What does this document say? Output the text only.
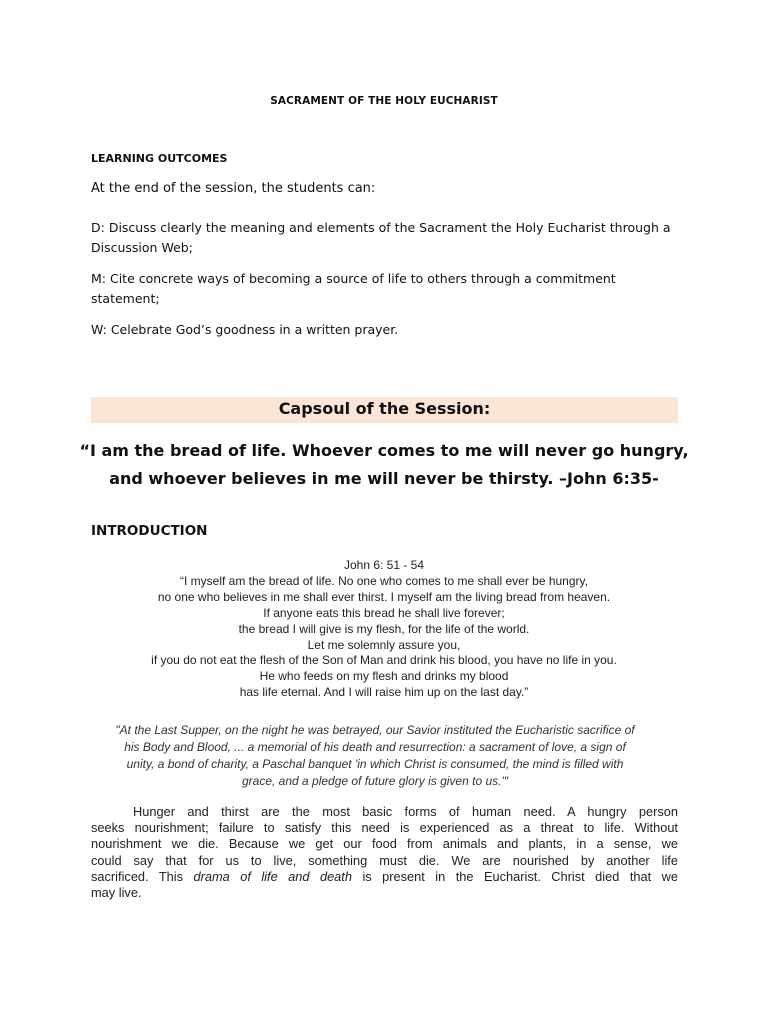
SACRAMENT OF THE HOLY EUCHARIST
LEARNING OUTCOMES
At the end of the session, the students can:
D: Discuss clearly the meaning and elements of the Sacrament the Holy Eucharist through a
Discussion Web;
M: Cite concrete ways of becoming a source of life to others through a commitment
statement;
W: Celebrate God’s goodness in a written prayer.
Capsoul of the Session:
“I am the bread of life. Whoever comes to me will never go hungry,
and whoever believes in me will never be thirsty. –John 6:35-
INTRODUCTION
John 6: 51 - 54
“I myself am the bread of life. No one who comes to me shall ever be hungry,
no one who believes in me shall ever thirst. I myself am the living bread from heaven.
If anyone eats this bread he shall live forever;
the bread I will give is my flesh, for the life of the world.
Let me solemnly assure you,
if you do not eat the flesh of the Son of Man and drink his blood, you have no life in you.
He who feeds on my flesh and drinks my blood
has life eternal. And I will raise him up on the last day.”
"At the Last Supper, on the night he was betrayed, our Savior instituted the Eucharistic sacrifice of
his Body and Blood, ... a memorial of his death and resurrection: a sacrament of love, a sign of
unity, a bond of charity, a Paschal banquet 'in which Christ is consumed, the mind is filled with
grace, and a pledge of future glory is given to us.'"
Hunger and thirst are the most basic forms of human need. A hungry person
seeks nourishment; failure to satisfy this need is experienced as a threat to life. Without
nourishment we die. Because we get our food from animals and plants, in a sense, we
could say that for us to live, something must die. We are nourished by another life
sacrificed. This drama of life and death is present in the Eucharist. Christ died that we
may live.
